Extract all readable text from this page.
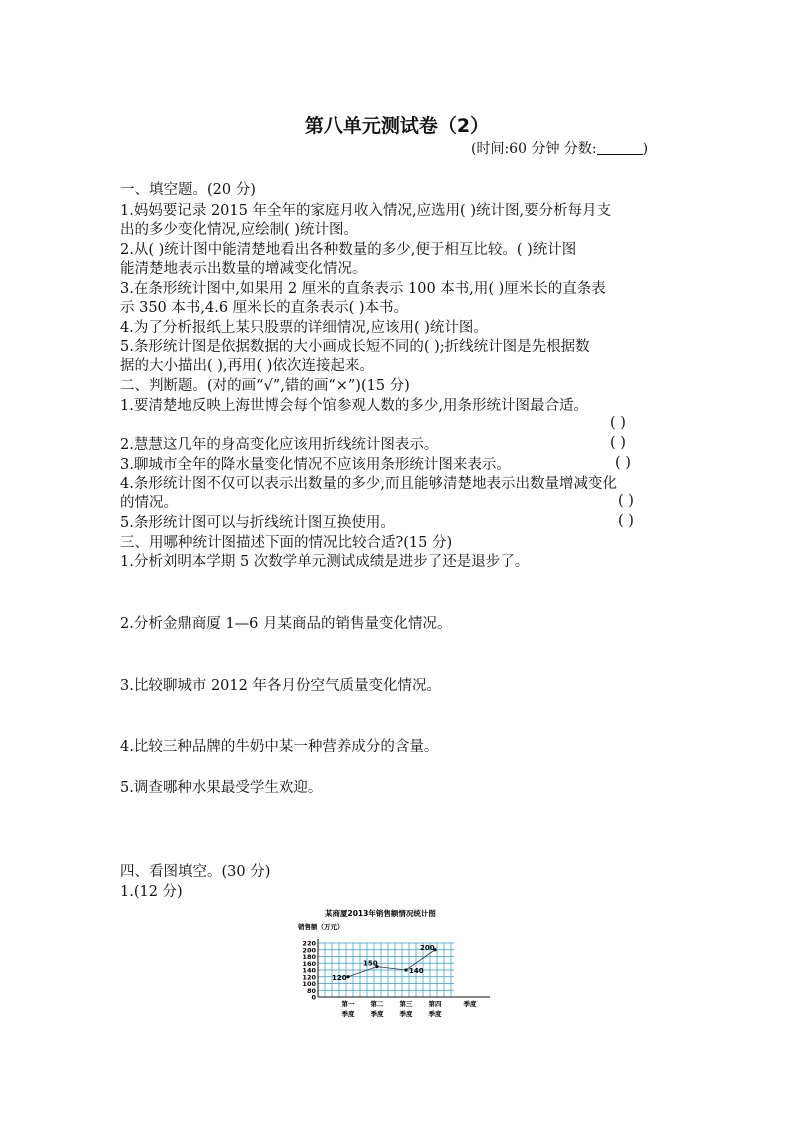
第八单元测试卷（2）
(时间:60 分钟 分数:	)
一、填空题。(20 分)
1.妈妈要记录 2015 年全年的家庭月收入情况,应选用( )统计图,要分析每月支
出的多少变化情况,应绘制( )统计图。
2.从( )统计图中能清楚地看出各种数量的多少,便于相互比较。( )统计图
能清楚地表示出数量的增减变化情况。
3.在条形统计图中,如果用 2 厘米的直条表示 100 本书,用( )厘米长的直条表
示 350 本书,4.6 厘米长的直条表示( )本书。
4.为了分析报纸上某只股票的详细情况,应该用( )统计图。
5.条形统计图是依据数据的大小画成长短不同的( );折线统计图是先根据数
据的大小描出( ),再用( )依次连接起来。
二、判断题。(对的画“√”,错的画“×”)(15 分)
1.要清楚地反映上海世博会每个馆参观人数的多少,用条形统计图最合适。
( )
2.慧慧这几年的身高变化应该用折线统计图表示。	( )
3.聊城市全年的降水量变化情况不应该用条形统计图来表示。	( )
4.条形统计图不仅可以表示出数量的多少,而且能够清楚地表示出数量增减变化
的情况。	( )
5.条形统计图可以与折线统计图互换使用。	( )
三、用哪种统计图描述下面的情况比较合适?(15 分)
1.分析刘明本学期 5 次数学单元测试成绩是进步了还是退步了。
2.分析金鼎商厦 1—6 月某商品的销售量变化情况。
3.比较聊城市 2012 年各月份空气质量变化情况。
4.比较三种品牌的牛奶中某一种营养成分的含量。
5.调查哪种水果最受学生欢迎。
四、看图填空。(30 分)
1.(12 分)
某商厦2013年销售额情况统计图
销售额（万元）
0
80
100
120
140
160
180
200
220
120
150
140
200
第一
季度
第二
季度
第三
季度
第四
季度
季度
